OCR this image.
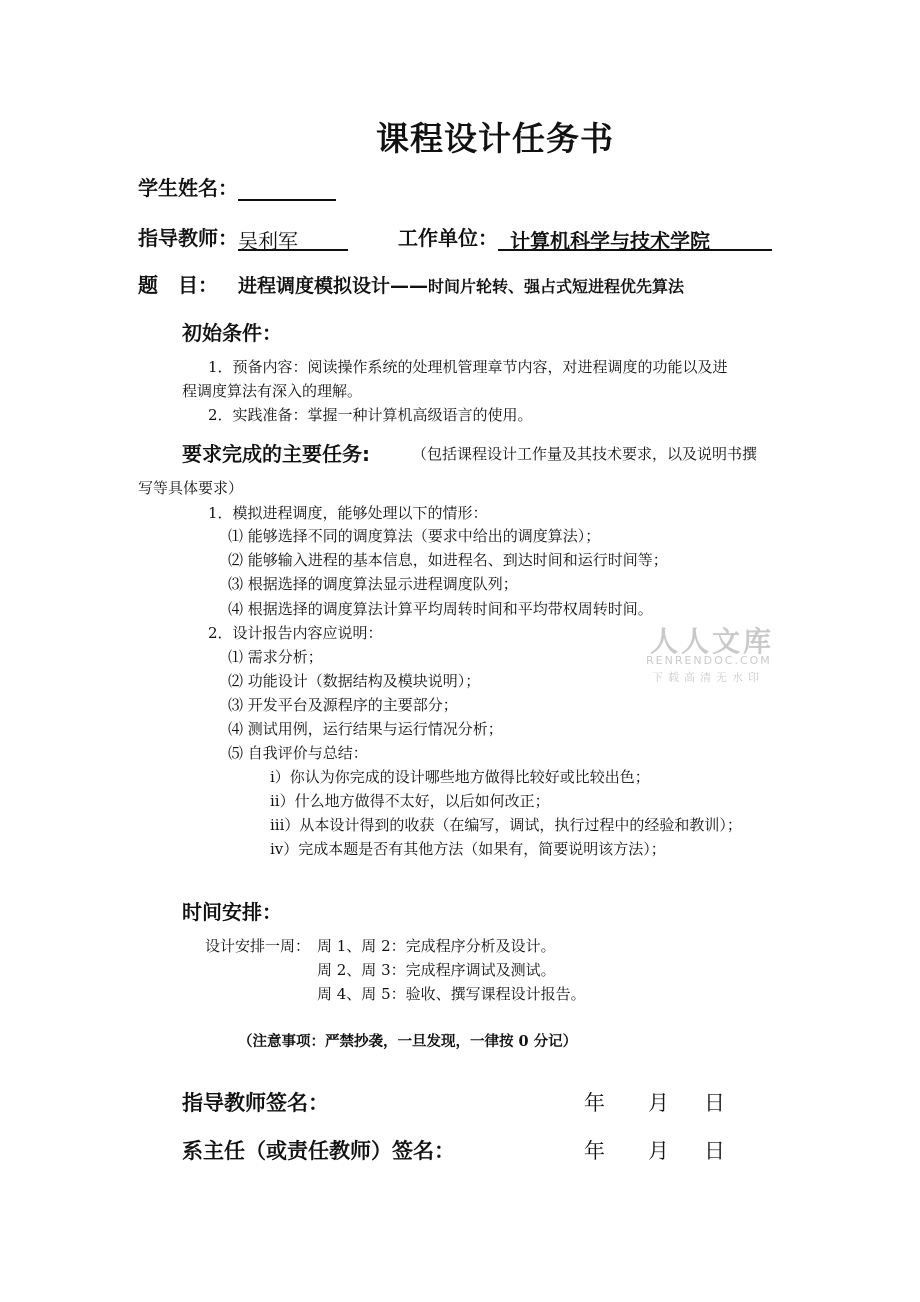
课程设计任务书
学生姓名：
指导教师：吴利军	工作单位： 计算机科学与技术学院
题　目： 进程调度模拟设计——时间片轮转、强占式短进程优先算法
初始条件：
1．预备内容：阅读操作系统的处理机管理章节内容，对进程调度的功能以及进
程调度算法有深入的理解。
2．实践准备：掌握一种计算机高级语言的使用。
要求完成的主要任务:	（包括课程设计工作量及其技术要求，以及说明书撰
写等具体要求）
1．模拟进程调度，能够处理以下的情形：
⑴ 能够选择不同的调度算法（要求中给出的调度算法）；
⑵ 能够输入进程的基本信息，如进程名、到达时间和运行时间等；
⑶ 根据选择的调度算法显示进程调度队列；
⑷ 根据选择的调度算法计算平均周转时间和平均带权周转时间。
2．设计报告内容应说明：
⑴ 需求分析；
⑵ 功能设计（数据结构及模块说明）；
⑶ 开发平台及源程序的主要部分；
⑷ 测试用例，运行结果与运行情况分析；
⑸ 自我评价与总结：
i）你认为你完成的设计哪些地方做得比较好或比较出色；
ii）什么地方做得不太好，以后如何改正；
iii）从本设计得到的收获（在编写，调试，执行过程中的经验和教训）；
iv）完成本题是否有其他方法（如果有，简要说明该方法）；
时间安排：
设计安排一周： 周 1、周 2：完成程序分析及设计。
周 2、周 3：完成程序调试及测试。
周 4、周 5：验收、撰写课程设计报告。
（注意事项：严禁抄袭，一旦发现，一律按 0 分记）
指导教师签名：	年 月 日
系主任（或责任教师）签名：	年 月 日
人人文库
RENRENDOC.COM
下载高清无水印
